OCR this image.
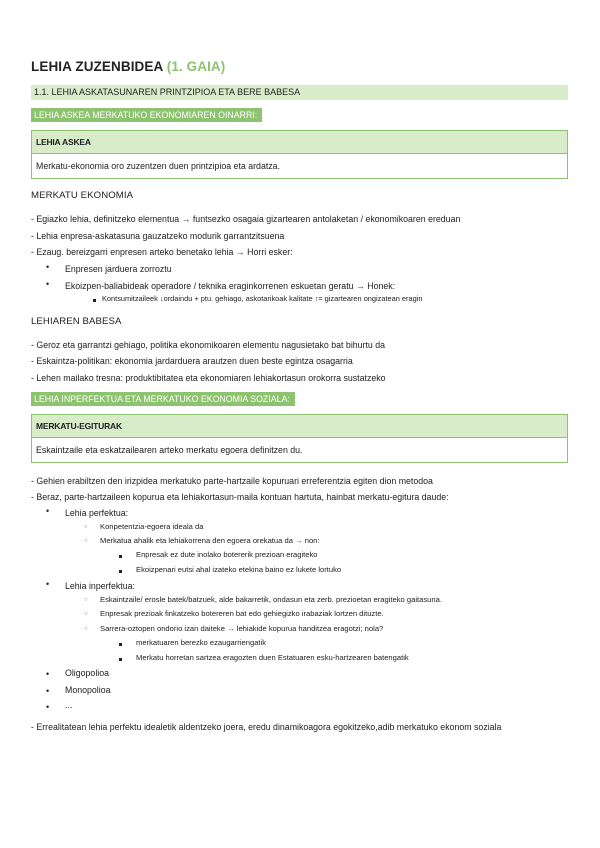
LEHIA ZUZENBIDEA (1. GAIA)
1.1. LEHIA ASKATASUNAREN PRINTZIPIOA ETA BERE BABESA
LEHIA ASKEA MERKATUKO EKONOMIAREN OINARRI:
LEHIA ASKEA
Merkatu-ekonomia oro zuzentzen duen printzipioa eta ardatza.
MERKATU EKONOMIA
- Egiazko lehia, definitzeko elementua → funtsezko osagaia gizartearen antolaketan / ekonomikoaren ereduan
- Lehia enpresa-askatasuna gauzatzeko modurik garrantzitsuena
- Ezaug. bereizgarri enpresen arteko benetako lehia → Horri esker:
• Enpresen jarduera zorroztu
• Ekoizpen-baliabideak operadore / teknika eraginkorrenen eskuetan geratu → Honek:
Kontsumitzaileek ↓ordaindu + ptu. gehiago, askotarikoak kalitate ↑= gizartearen ongizatean eragin
LEHIAREN BABESA
- Geroz eta garrantzi gehiago, politika ekonomikoaren elementu nagusietako bat bihurtu da
- Eskaintza-politikan: ekonomia jardarduera arautzen duen beste egintza osagarria
- Lehen mailako tresna: produktibitatea eta ekonomiaren lehiakortasun orokorra sustatzeko
LEHIA INPERFEKTUA ETA MERKATUKO EKONOMIA SOZIALA:
MERKATU-EGITURAK
Eskaintzaile eta eskatzailearen arteko merkatu egoera definitzen du.
- Gehien erabiltzen den irizpidea merkatuko parte-hartzaile kopuruari erreferentzia egiten dion metodoa
- Beraz, parte-hartzaileen kopurua eta lehiakortasun-maila kontuan hartuta, hainbat merkatu-egitura daude:
• Lehia perfektua:
○ Konpetentzia-egoera ideala da
○ Merkatua ahalik eta lehiakorrena den egoera orekatua da → non:
Enpresak ez dute inolako botererik prezioan eragiteko
Ekoizpenari eutsi ahal izateko etekina baino ez lukete lortuko
• Lehia inperfektua:
○ Eskaintzaile/ erosle batek/batzuek, alde bakarretik, ondasun eta zerb. prezioetan eragiteko gaitasuna.
○ Enpresak prezioak finkatzeko botereren bat edo gehiegizko irabaziak lortzen dituzte.
○ Sarrera-oztopen ondorio izan daiteke → lehiakide kopurua handitzea eragotzi; nola?
merkatuaren berezko ezaugarriengatik
Merkatu horretan sartzea eragozten duen Estatuaren esku-hartzearen batengatik
• Oligopolioa
• Monopolioa
• ...
- Errealitatean lehia perfektu idealetik aldentzeko joera, eredu dinamikoagora egokitzeko,adib merkatuko ekonom soziala
